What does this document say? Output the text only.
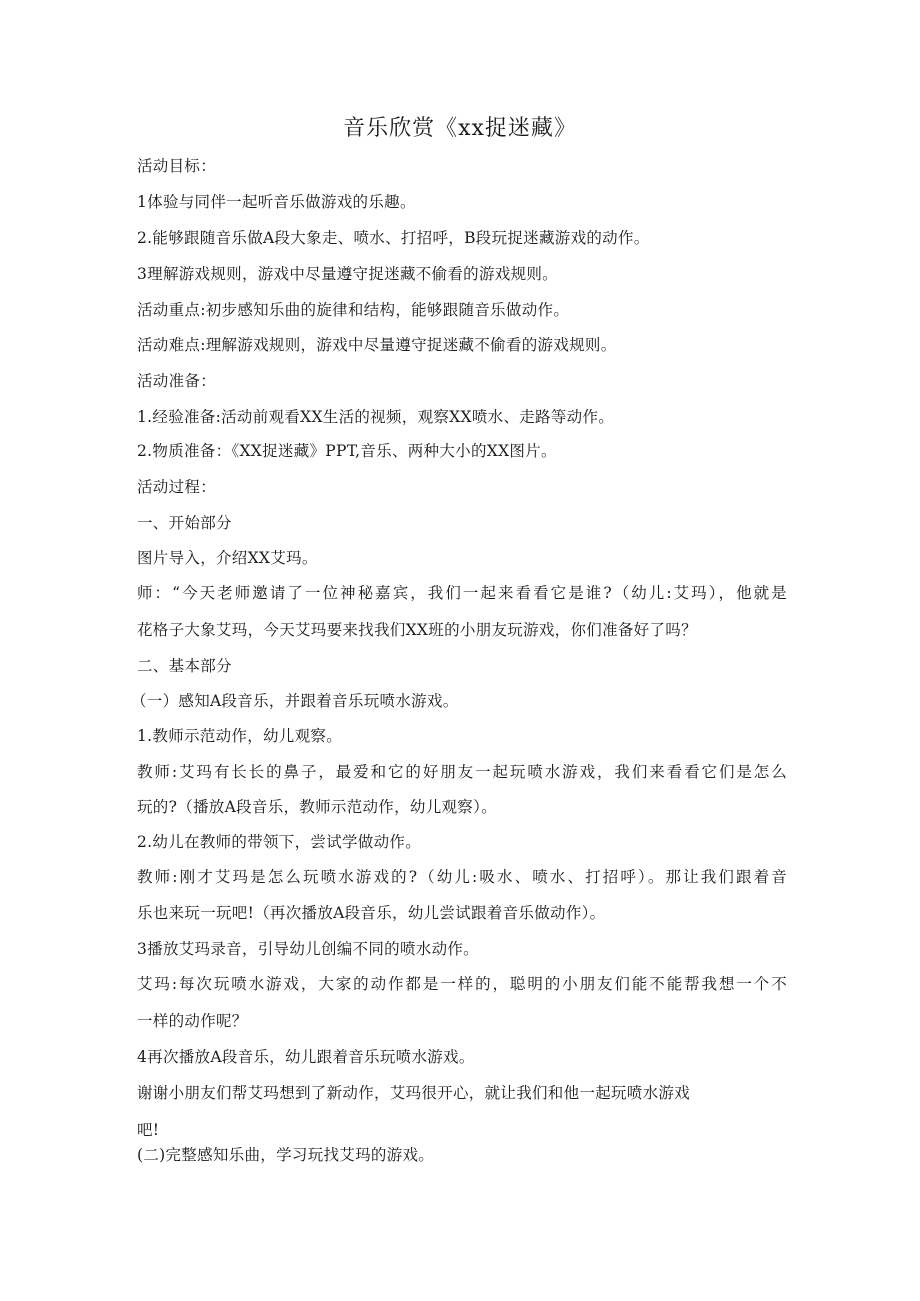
音乐欣赏《xx捉迷藏》
活动目标：
1体验与同伴一起听音乐做游戏的乐趣。
2.能够跟随音乐做A段大象走、喷水、打招呼，B段玩捉迷藏游戏的动作。
3理解游戏规则，游戏中尽量遵守捉迷藏不偷看的游戏规则。
活动重点:初步感知乐曲的旋律和结构，能够跟随音乐做动作。
活动难点:理解游戏规则，游戏中尽量遵守捉迷藏不偷看的游戏规则。
活动准备：
1.经验准备:活动前观看XX生活的视频，观察XX喷水、走路等动作。
2.物质准备：《XX捉迷藏》PPT,音乐、两种大小的XX图片。
活动过程：
一、开始部分
图片导入，介绍XX艾玛。
师：“今天老师邀请了一位神秘嘉宾，我们一起来看看它是谁?（幼儿:艾玛），他就是
花格子大象艾玛，今天艾玛要来找我们XX班的小朋友玩游戏，你们准备好了吗？
二、基本部分
（一）感知A段音乐，并跟着音乐玩喷水游戏。
1.教师示范动作，幼儿观察。
教师:艾玛有长长的鼻子，最爱和它的好朋友一起玩喷水游戏，我们来看看它们是怎么
玩的?（播放A段音乐，教师示范动作，幼儿观察）。
2.幼儿在教师的带领下，尝试学做动作。
教师:刚才艾玛是怎么玩喷水游戏的?（幼儿:吸水、喷水、打招呼）。那让我们跟着音
乐也来玩一玩吧!（再次播放A段音乐，幼儿尝试跟着音乐做动作）。
3播放艾玛录音，引导幼儿创编不同的喷水动作。
艾玛:每次玩喷水游戏，大家的动作都是一样的，聪明的小朋友们能不能帮我想一个不
一样的动作呢？
4再次播放A段音乐，幼儿跟着音乐玩喷水游戏。
谢谢小朋友们帮艾玛想到了新动作，艾玛很开心，就让我们和他一起玩喷水游戏
吧!
(二)完整感知乐曲，学习玩找艾玛的游戏。
